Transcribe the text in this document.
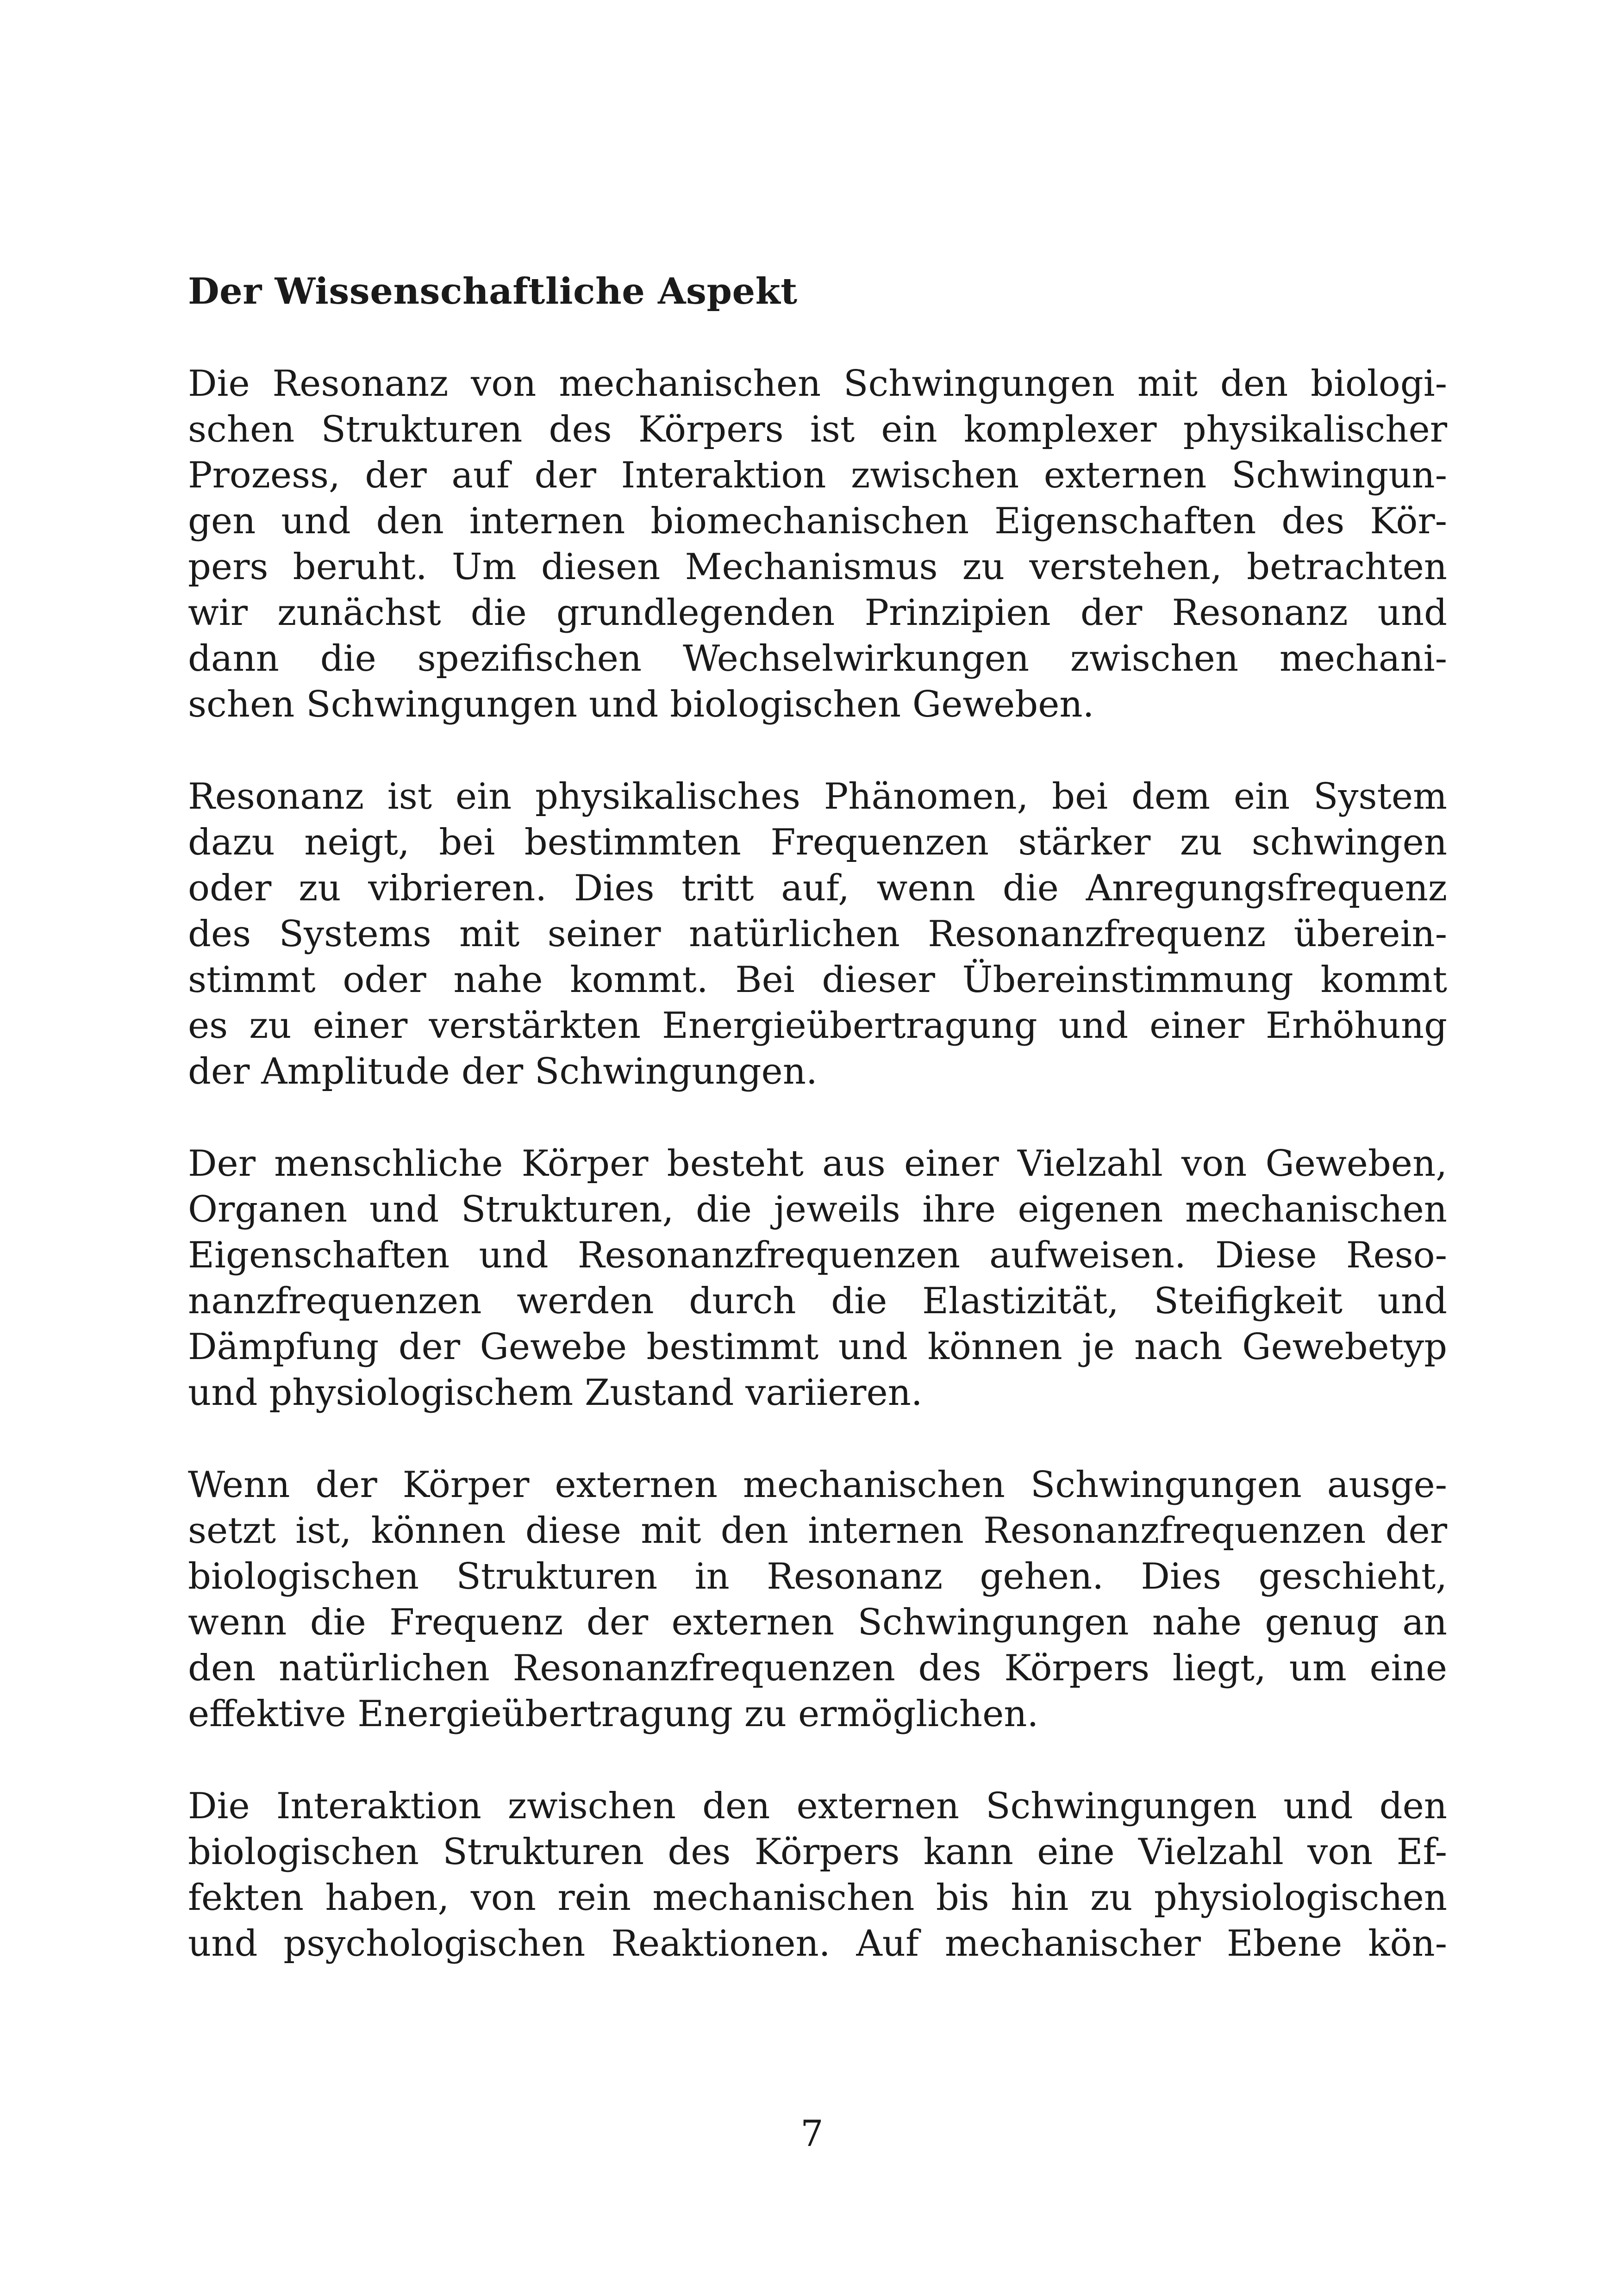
Der Wissenschaftliche Aspekt
Die Resonanz von mechanischen Schwingungen mit den biologi-
schen Strukturen des Körpers ist ein komplexer physikalischer
Prozess, der auf der Interaktion zwischen externen Schwingun-
gen und den internen biomechanischen Eigenschaften des Kör-
pers beruht. Um diesen Mechanismus zu verstehen, betrachten
wir zunächst die grundlegenden Prinzipien der Resonanz und
dann die spezifischen Wechselwirkungen zwischen mechani-
schen Schwingungen und biologischen Geweben.
Resonanz ist ein physikalisches Phänomen, bei dem ein System
dazu neigt, bei bestimmten Frequenzen stärker zu schwingen
oder zu vibrieren. Dies tritt auf, wenn die Anregungsfrequenz
des Systems mit seiner natürlichen Resonanzfrequenz überein-
stimmt oder nahe kommt. Bei dieser Übereinstimmung kommt
es zu einer verstärkten Energieübertragung und einer Erhöhung
der Amplitude der Schwingungen.
Der menschliche Körper besteht aus einer Vielzahl von Geweben,
Organen und Strukturen, die jeweils ihre eigenen mechanischen
Eigenschaften und Resonanzfrequenzen aufweisen. Diese Reso-
nanzfrequenzen werden durch die Elastizität, Steifigkeit und
Dämpfung der Gewebe bestimmt und können je nach Gewebetyp
und physiologischem Zustand variieren.
Wenn der Körper externen mechanischen Schwingungen ausge-
setzt ist, können diese mit den internen Resonanzfrequenzen der
biologischen Strukturen in Resonanz gehen. Dies geschieht,
wenn die Frequenz der externen Schwingungen nahe genug an
den natürlichen Resonanzfrequenzen des Körpers liegt, um eine
effektive Energieübertragung zu ermöglichen.
Die Interaktion zwischen den externen Schwingungen und den
biologischen Strukturen des Körpers kann eine Vielzahl von Ef-
fekten haben, von rein mechanischen bis hin zu physiologischen
und psychologischen Reaktionen. Auf mechanischer Ebene kön-
7
